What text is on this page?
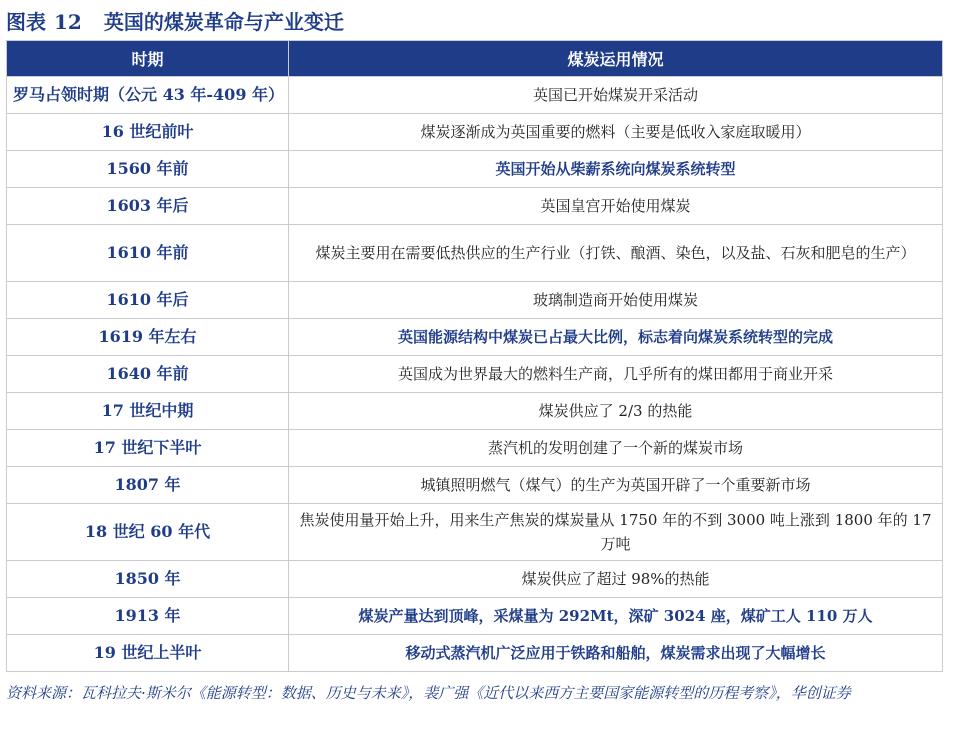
图表 12 英国的煤炭革命与产业变迁
时期	煤炭运用情况
罗马占领时期（公元 43 年-409 年）	英国已开始煤炭开采活动
16 世纪前叶	煤炭逐渐成为英国重要的燃料（主要是低收入家庭取暖用）
1560 年前	英国开始从柴薪系统向煤炭系统转型
1603 年后	英国皇宫开始使用煤炭
1610 年前	煤炭主要用在需要低热供应的生产行业（打铁、酿酒、染色，以及盐、石灰和肥皂的生产）
1610 年后	玻璃制造商开始使用煤炭
1619 年左右	英国能源结构中煤炭已占最大比例，标志着向煤炭系统转型的完成
1640 年前	英国成为世界最大的燃料生产商，几乎所有的煤田都用于商业开采
17 世纪中期	煤炭供应了 2/3 的热能
17 世纪下半叶	蒸汽机的发明创建了一个新的煤炭市场
1807 年	城镇照明燃气（煤气）的生产为英国开辟了一个重要新市场
18 世纪 60 年代	焦炭使用量开始上升，用来生产焦炭的煤炭量从 1750 年的不到 3000 吨上涨到 1800 年的 17 万吨
1850 年	煤炭供应了超过 98%的热能
1913 年	煤炭产量达到顶峰，采煤量为 292Mt，深矿 3024 座，煤矿工人 110 万人
19 世纪上半叶	移动式蒸汽机广泛应用于铁路和船舶，煤炭需求出现了大幅增长
资料来源：瓦科拉夫·斯米尔《能源转型：数据、历史与未来》，裴广强《近代以来西方主要国家能源转型的历程考察》，华创证券
